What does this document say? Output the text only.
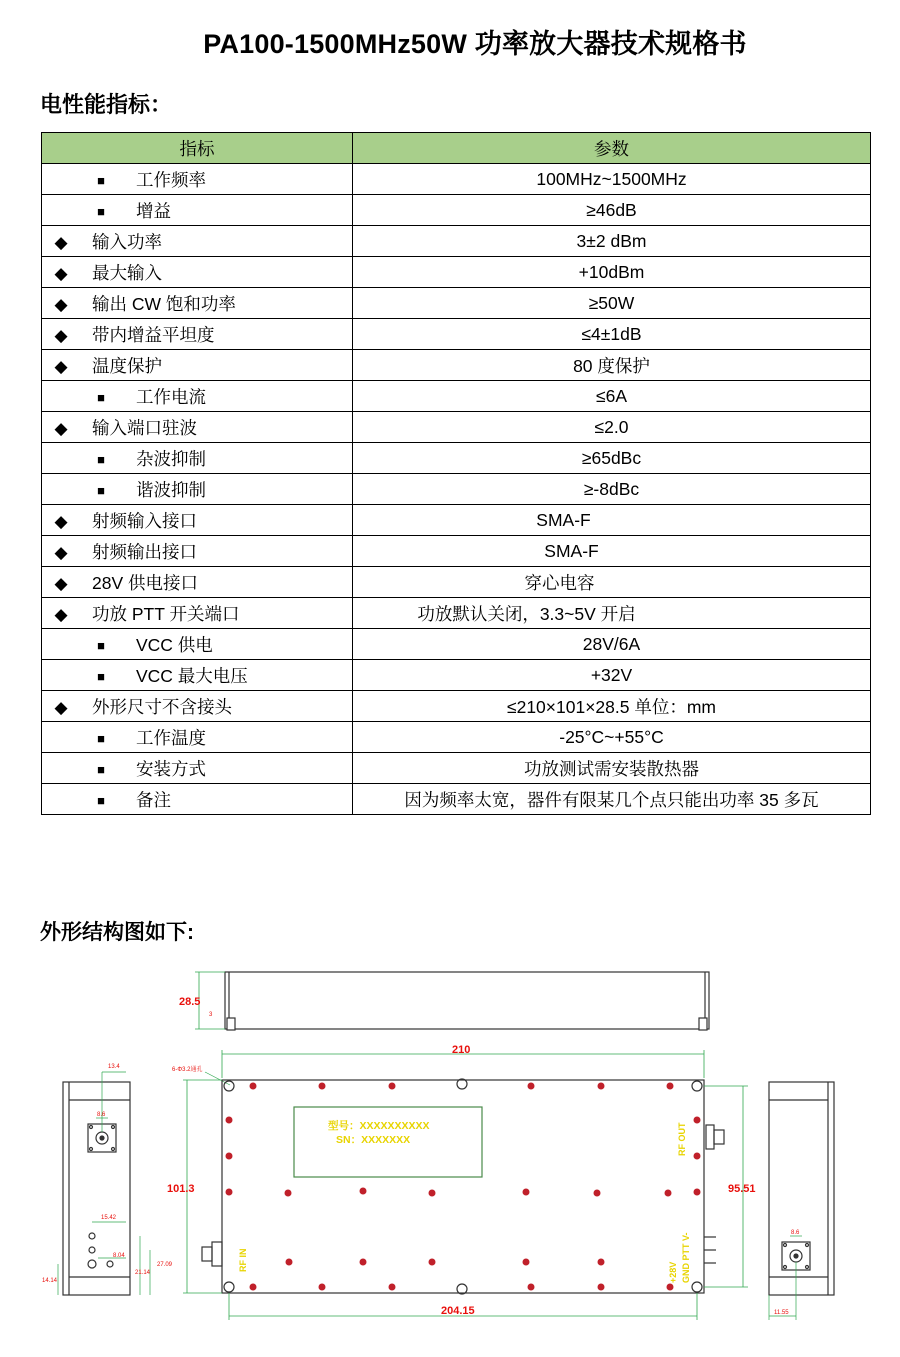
PA100-1500MHz50W 功率放大器技术规格书
电性能指标：
指标	参数
■ 工作频率	100MHz~1500MHz
■ 增益	≥46dB
◆ 输入功率	3±2 dBm
◆ 最大输入	+10dBm
◆ 输出 CW 饱和功率	≥50W
◆ 带内增益平坦度	≤4±1dB
◆ 温度保护	80 度保护
■ 工作电流	≤6A
◆ 输入端口驻波	≤2.0
■ 杂波抑制	≥65dBc
■ 谐波抑制	≥-8dBc
◆ 射频输入接口	SMA-F
◆ 射频输出接口	SMA-F
◆ 28V 供电接口	穿心电容
◆ 功放 PTT 开关端口	功放默认关闭，3.3~5V 开启
■ VCC 供电	28V/6A
■ VCC 最大电压	+32V
◆ 外形尺寸不含接头	≤210×101×28.5 单位：mm
■ 工作温度	-25°C~+55°C
■ 安装方式	功放测试需安装散热器
■ 备注	因为频率太宽，器件有限某几个点只能出功率 35 多瓦
外形结构图如下:
28.5
3
210
6-Φ3.2通孔
型号：XXXXXXXXXX
SN：XXXXXXX	RF OUT
RF IN
+28V GND PTT V-
101.3	95.51
204.15
13.4
8.6
15.42
8.04
27.09
21.14
14.14
8.6
11.55
